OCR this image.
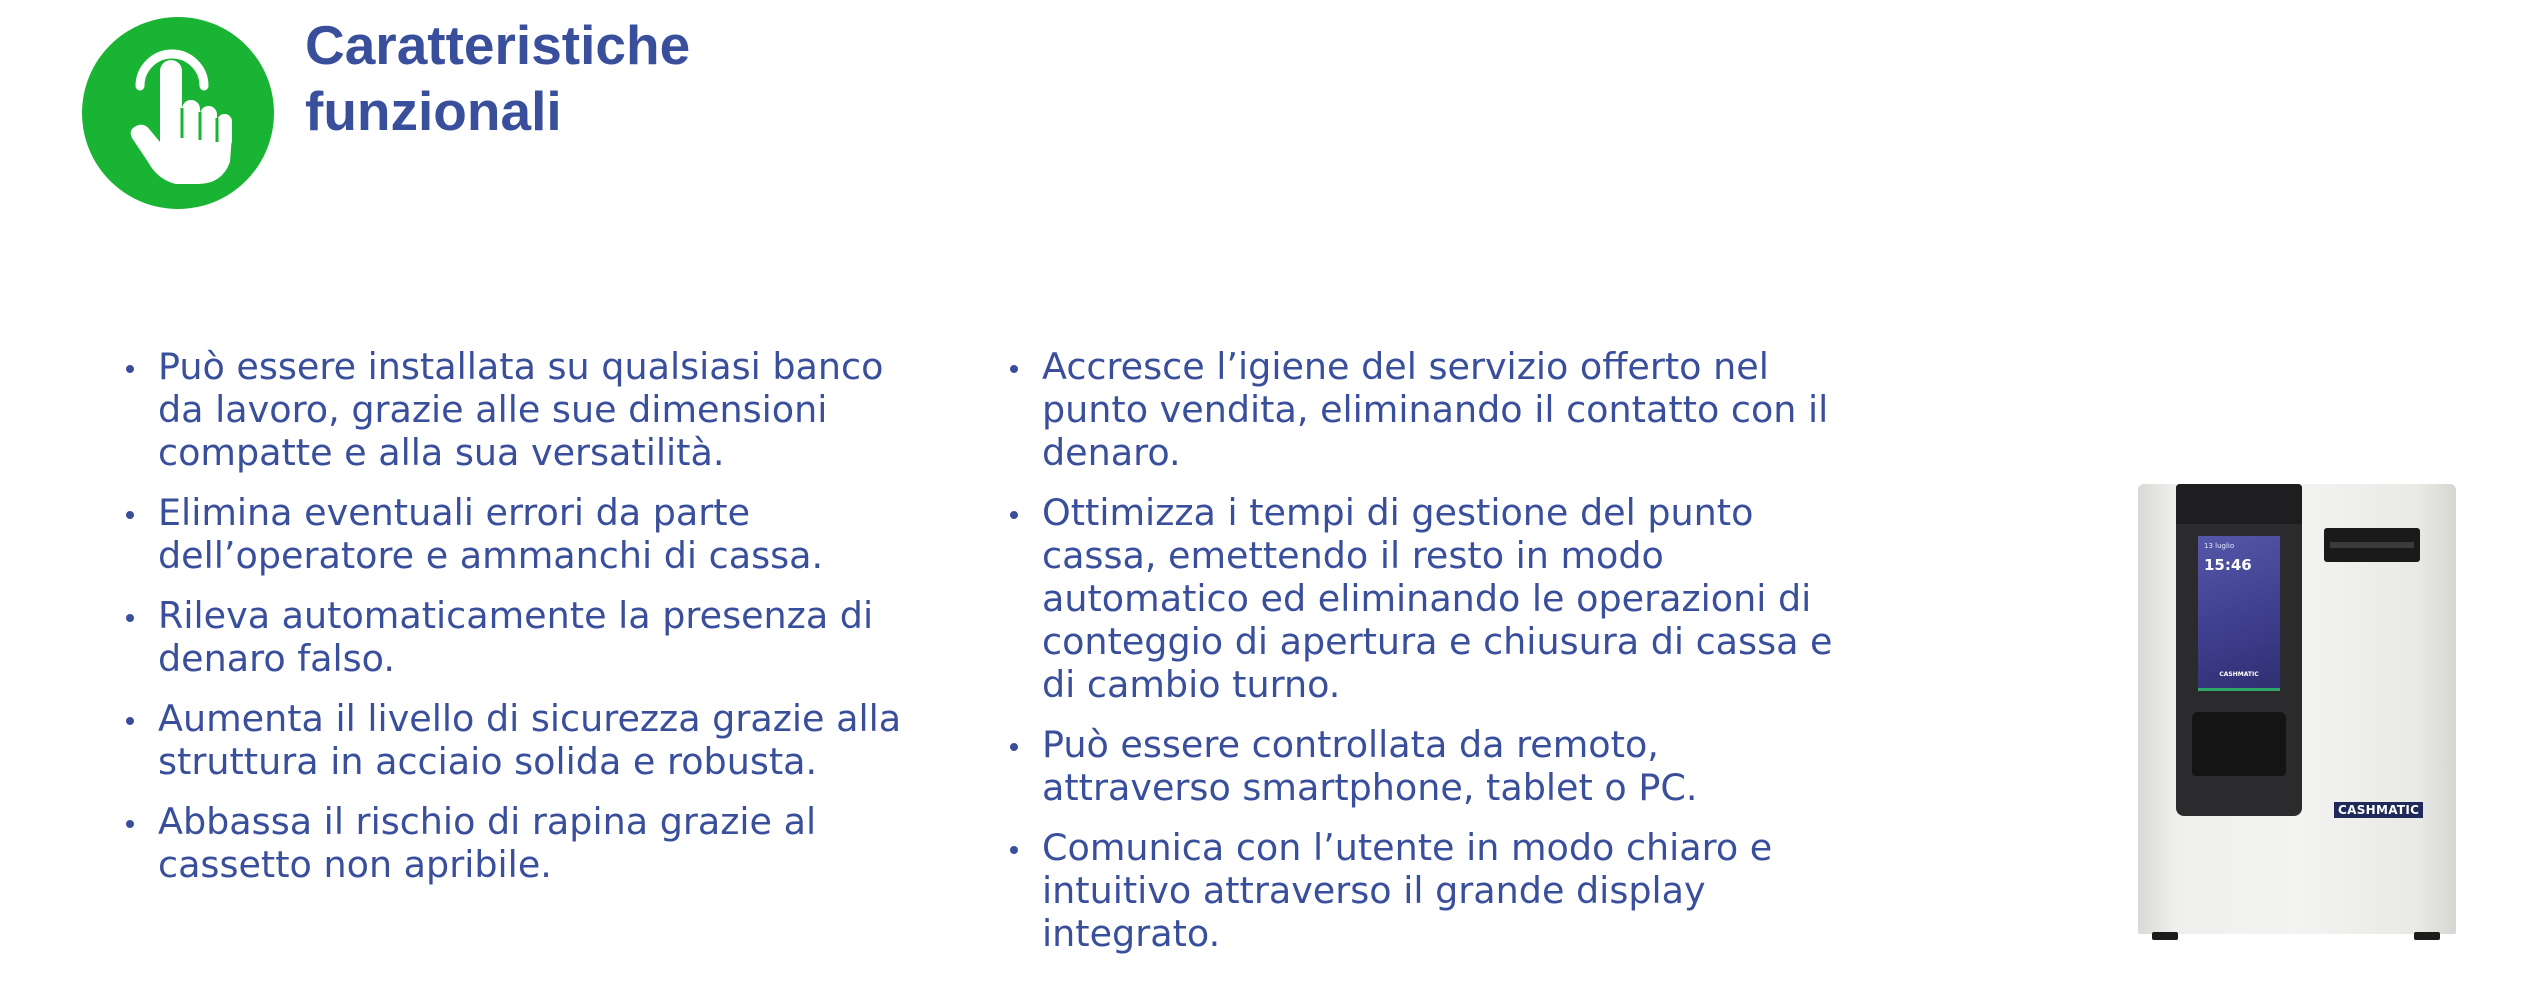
Caratteristiche
funzionali
Può essere installata su qualsiasi banco da lavoro, grazie alle sue dimensioni compatte e alla sua versatilità.
Elimina eventuali errori da parte dell’operatore e ammanchi di cassa.
Rileva automaticamente la presenza di denaro falso.
Aumenta il livello di sicurezza grazie alla struttura in acciaio solida e robusta.
Abbassa il rischio di rapina grazie al cassetto non apribile.
Accresce l’igiene del servizio offerto nel punto vendita, eliminando il contatto con il denaro.
Ottimizza i tempi di gestione del punto cassa, emettendo il resto in modo automatico ed eliminando le operazioni di conteggio di apertura e chiusura di cassa e di cambio turno.
Può essere controllata da remoto, attraverso smartphone, tablet o PC.
Comunica con l’utente in modo chiaro e intuitivo attraverso il grande display integrato.
13 luglio
15:46
CASHMATIC
CASHMATIC
